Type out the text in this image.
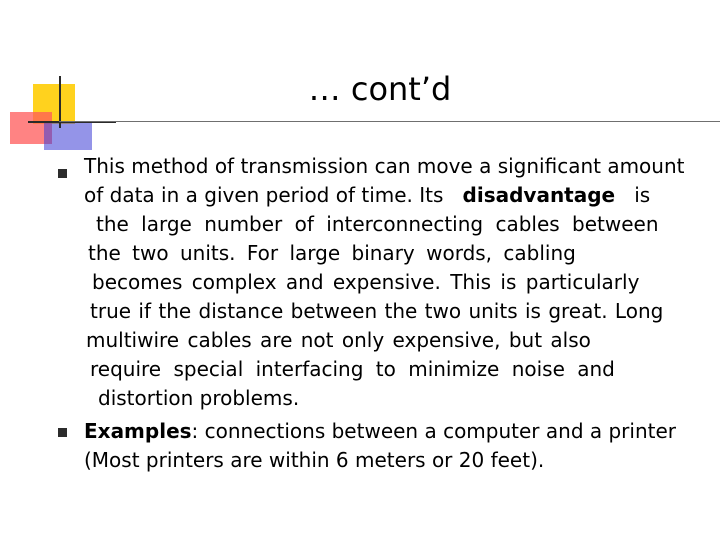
… cont’d
This method of transmission can move a significant amount
of data in a given period of time. Its disadvantage is
the large number of interconnecting cables between
the two units. For large binary words, cabling
becomes complex and expensive. This is particularly
true if the distance between the two units is great. Long
multiwire cables are not only expensive, but also
require special interfacing to minimize noise and
distortion problems.
Examples: connections between a computer and a printer
(Most printers are within 6 meters or 20 feet).
